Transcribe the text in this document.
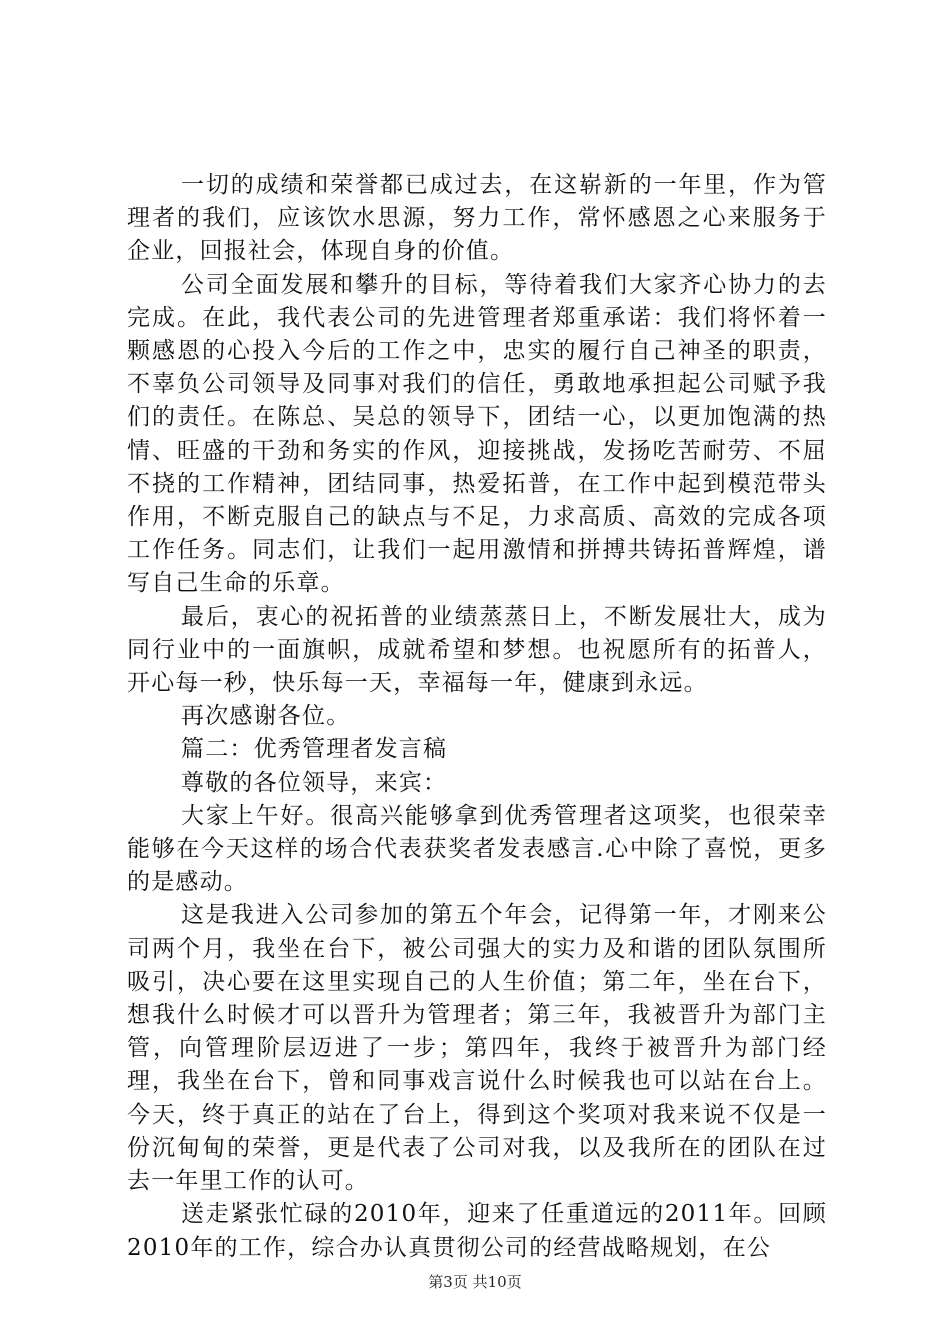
一切的成绩和荣誉都已成过去，在这崭新的一年里，作为管理者的我们，应该饮水思源，努力工作，常怀感恩之心来服务于企业，回报社会，体现自身的价值。

公司全面发展和攀升的目标，等待着我们大家齐心协力的去完成。在此，我代表公司的先进管理者郑重承诺：我们将怀着一颗感恩的心投入今后的工作之中，忠实的履行自己神圣的职责，不辜负公司领导及同事对我们的信任，勇敢地承担起公司赋予我们的责任。在陈总、吴总的领导下，团结一心，以更加饱满的热情、旺盛的干劲和务实的作风，迎接挑战，发扬吃苦耐劳、不屈不挠的工作精神，团结同事，热爱拓普，在工作中起到模范带头作用，不断克服自己的缺点与不足，力求高质、高效的完成各项工作任务。同志们，让我们一起用激情和拼搏共铸拓普辉煌，谱写自己生命的乐章。

最后，衷心的祝拓普的业绩蒸蒸日上，不断发展壮大，成为同行业中的一面旗帜，成就希望和梦想。也祝愿所有的拓普人，开心每一秒，快乐每一天，幸福每一年，健康到永远。

再次感谢各位。

篇二：优秀管理者发言稿

尊敬的各位领导，来宾：

大家上午好。很高兴能够拿到优秀管理者这项奖，也很荣幸能够在今天这样的场合代表获奖者发表感言.心中除了喜悦，更多的是感动。

这是我进入公司参加的第五个年会，记得第一年，才刚来公司两个月，我坐在台下，被公司强大的实力及和谐的团队氛围所吸引，决心要在这里实现自己的人生价值；第二年，坐在台下，想我什么时候才可以晋升为管理者；第三年，我被晋升为部门主管，向管理阶层迈进了一步；第四年，我终于被晋升为部门经理，我坐在台下，曾和同事戏言说什么时候我也可以站在台上。今天，终于真正的站在了台上，得到这个奖项对我来说不仅是一份沉甸甸的荣誉，更是代表了公司对我，以及我所在的团队在过去一年里工作的认可。

送走紧张忙碌的2010年，迎来了任重道远的2011年。回顾2010年的工作，综合办认真贯彻公司的经营战略规划，在公

第3页 共10页
